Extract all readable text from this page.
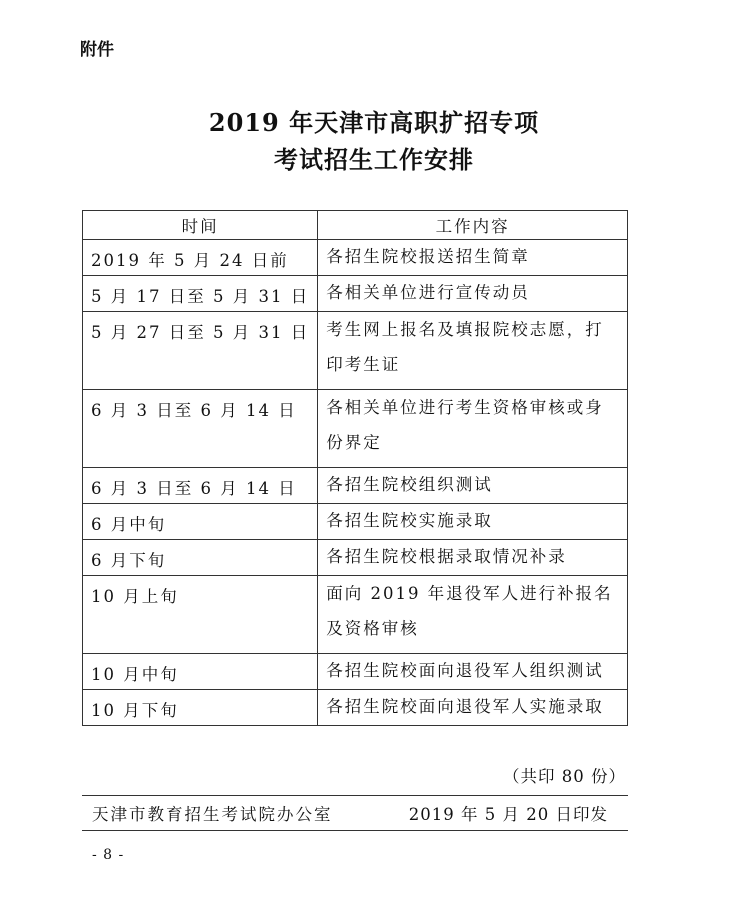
附件
2019 年天津市高职扩招专项
考试招生工作安排
时间	工作内容
2019 年 5 月 24 日前	各招生院校报送招生简章
5 月 17 日至 5 月 31 日	各相关单位进行宣传动员
5 月 27 日至 5 月 31 日	考生网上报名及填报院校志愿，打印考生证
6 月 3 日至 6 月 14 日	各相关单位进行考生资格审核或身份界定
6 月 3 日至 6 月 14 日	各招生院校组织测试
6 月中旬	各招生院校实施录取
6 月下旬	各招生院校根据录取情况补录
10 月上旬	面向 2019 年退役军人进行补报名及资格审核
10 月中旬	各招生院校面向退役军人组织测试
10 月下旬	各招生院校面向退役军人实施录取
（共印 80 份）
天津市教育招生考试院办公室	2019 年 5 月 20 日印发
- 8 -
